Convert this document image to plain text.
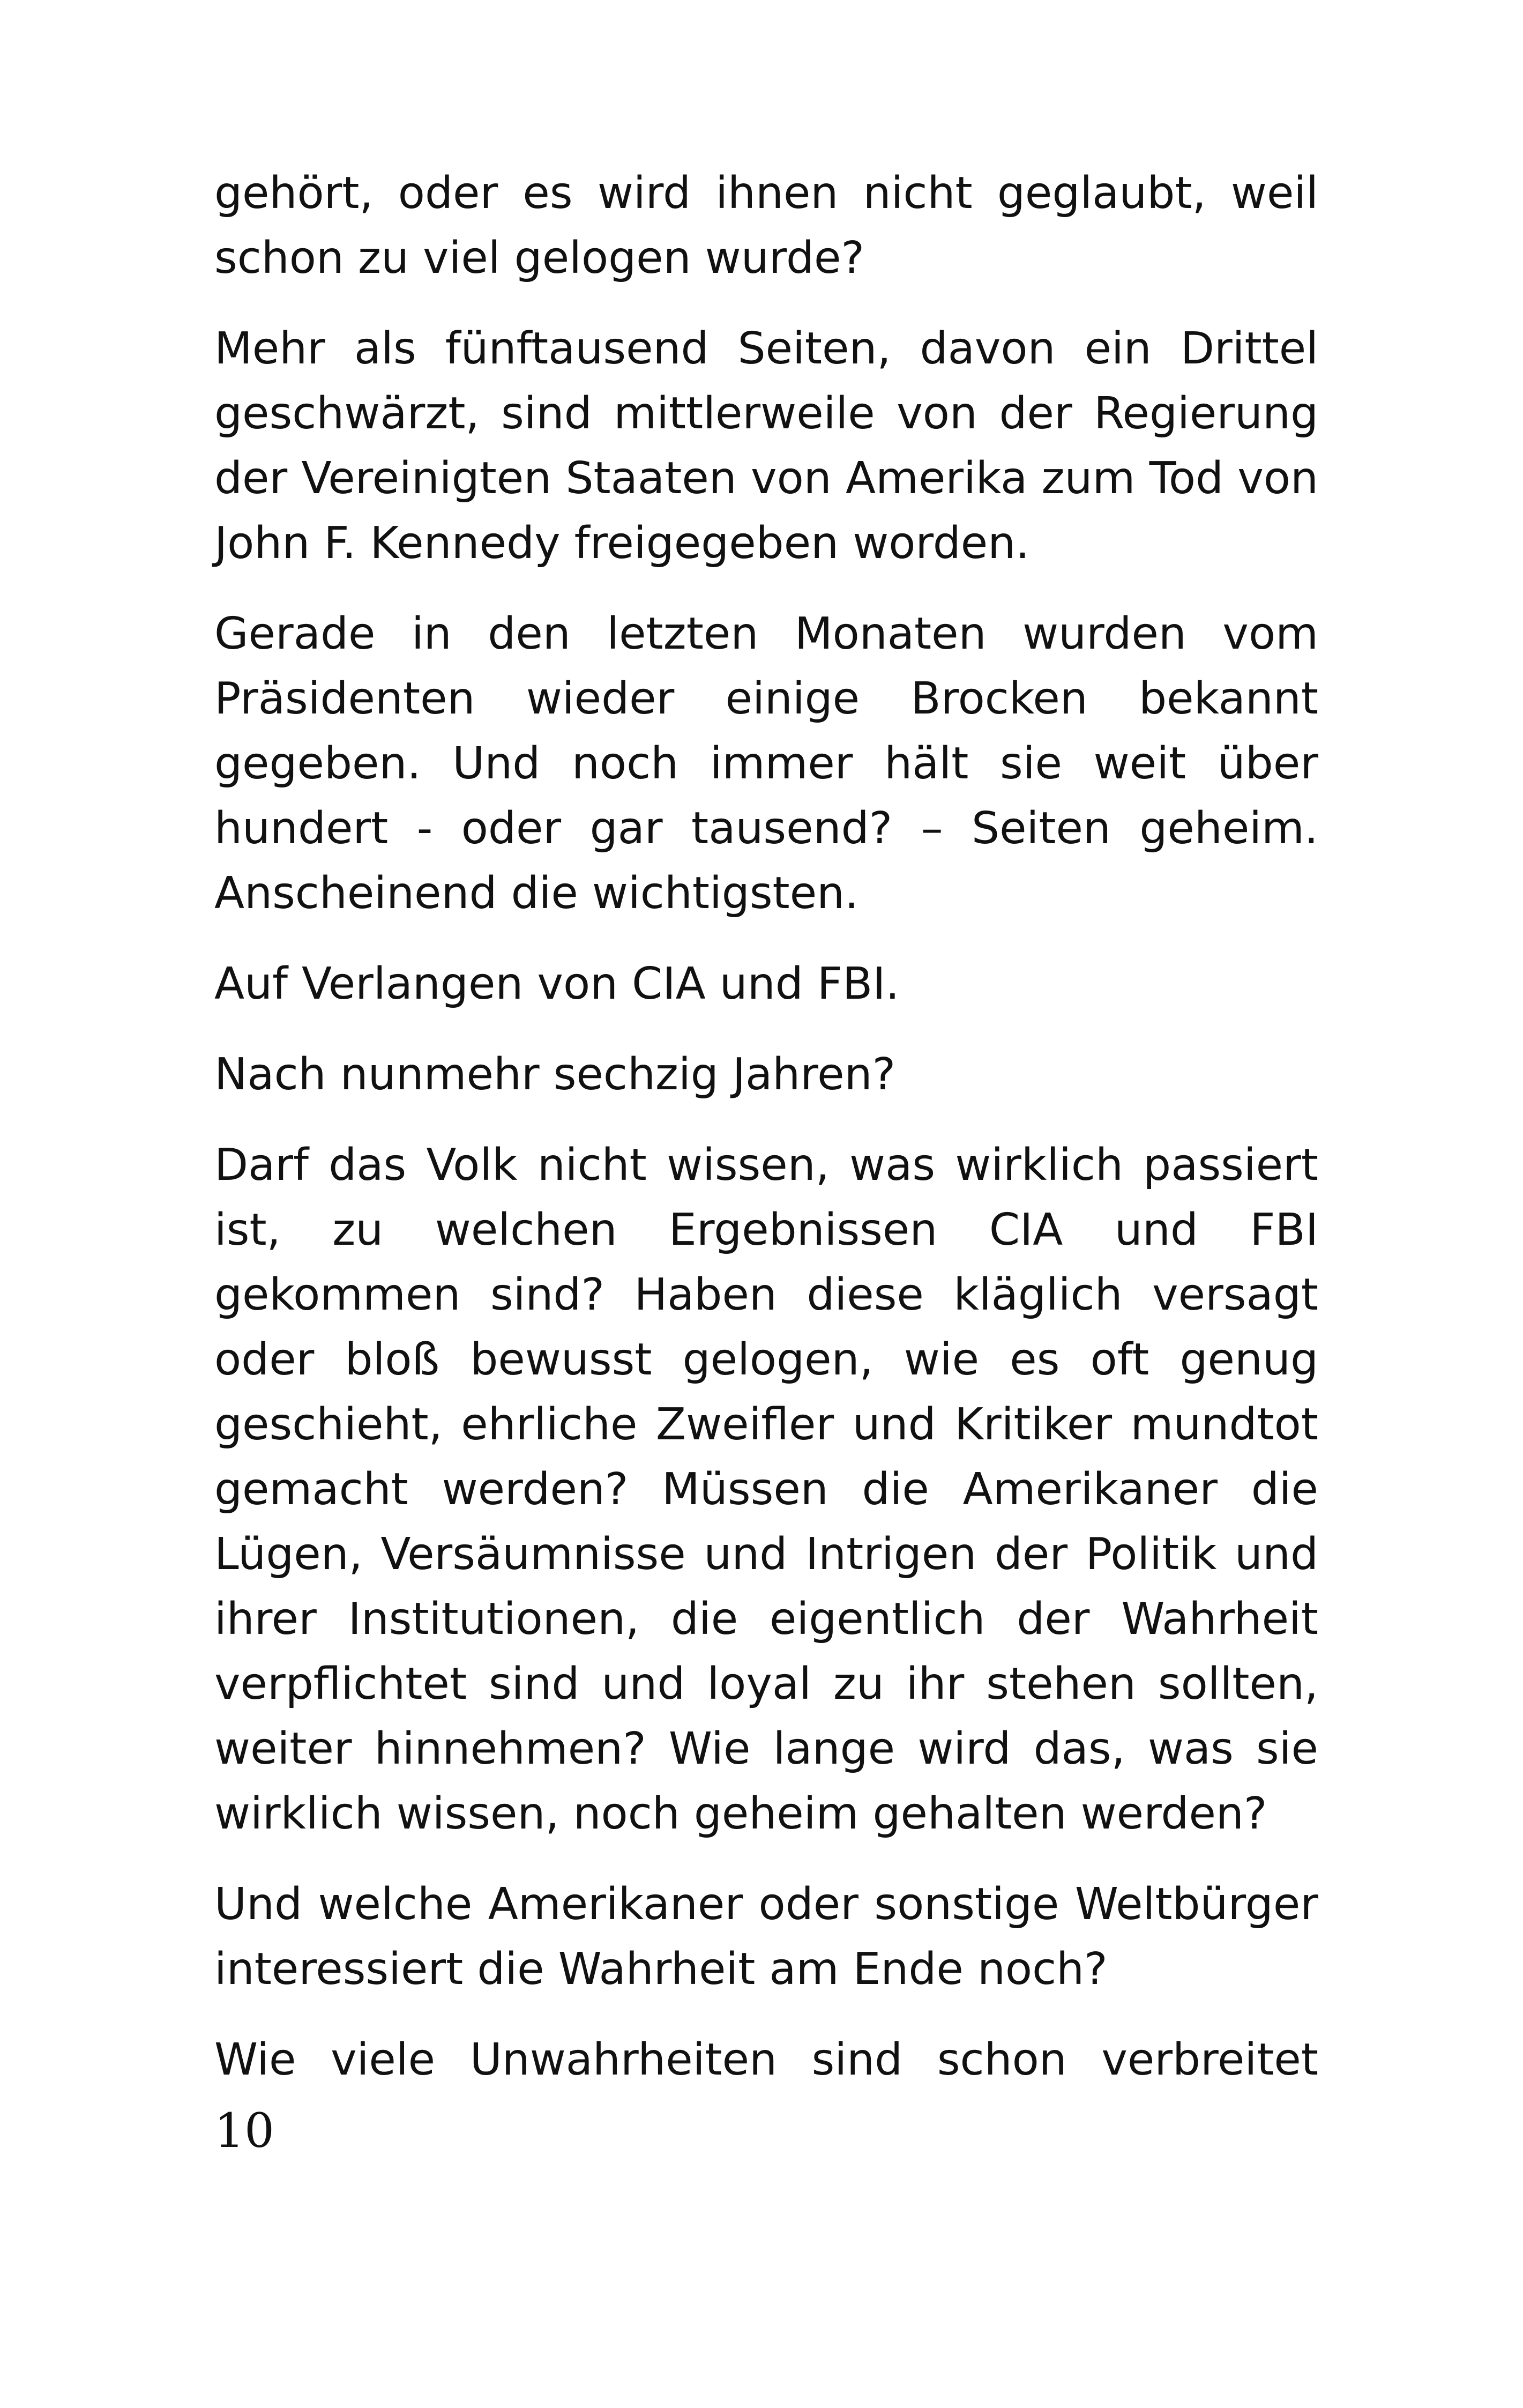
gehört, oder es wird ihnen nicht geglaubt, weil schon zu viel gelogen wurde?

Mehr als fünftausend Seiten, davon ein Drittel geschwärzt, sind mittlerweile von der Regierung der Vereinigten Staaten von Amerika zum Tod von John F. Kennedy freigegeben worden.

Gerade in den letzten Monaten wurden vom Präsidenten wieder einige Brocken bekannt gegeben. Und noch immer hält sie weit über hundert - oder gar tausend? – Seiten geheim. Anscheinend die wichtigsten.

Auf Verlangen von CIA und FBI.

Nach nunmehr sechzig Jahren?

Darf das Volk nicht wissen, was wirklich passiert ist, zu welchen Ergebnissen CIA und FBI gekommen sind? Haben diese kläglich versagt oder bloß bewusst gelogen, wie es oft genug geschieht, ehrliche Zweifler und Kritiker mundtot gemacht werden? Müssen die Amerikaner die Lügen, Versäumnisse und Intrigen der Politik und ihrer Institutionen, die eigentlich der Wahrheit verpflichtet sind und loyal zu ihr stehen sollten, weiter hinnehmen? Wie lange wird das, was sie wirklich wissen, noch geheim gehalten werden?

Und welche Amerikaner oder sonstige Weltbürger interessiert die Wahrheit am Ende noch?

Wie viele Unwahrheiten sind schon verbreitet

10
